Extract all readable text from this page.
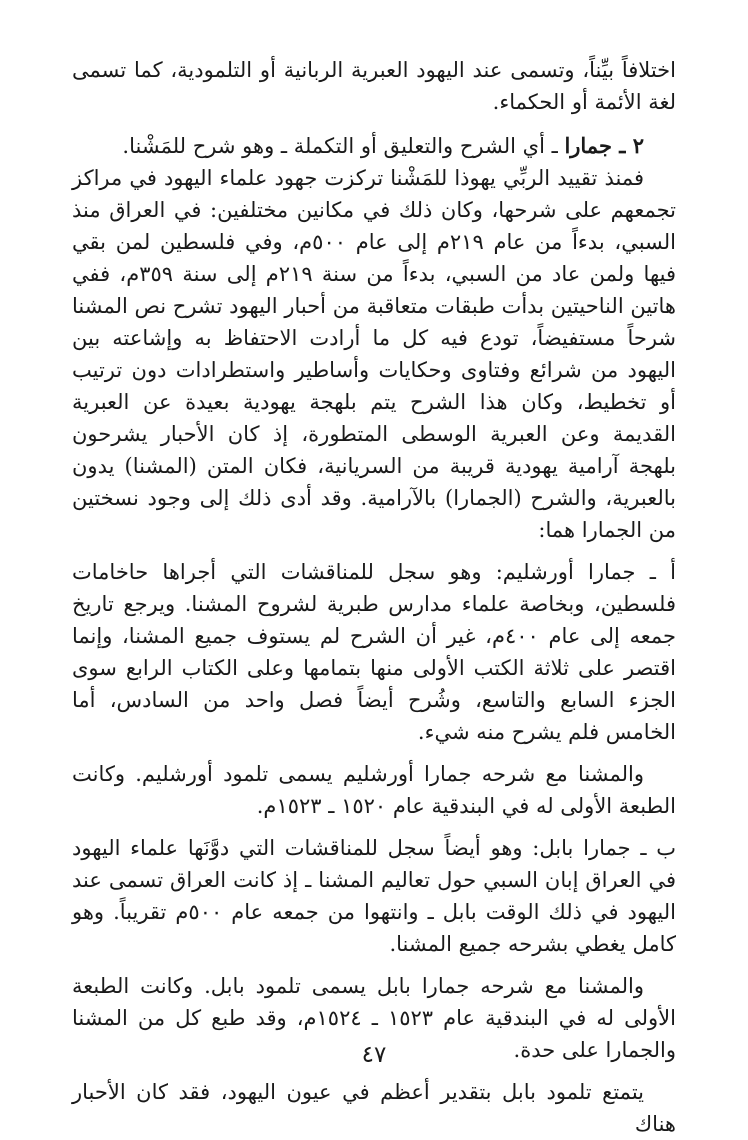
اختلافاً بيِّناً، وتسمى عند اليهود العبرية الربانية أو التلمودية، كما تسمى لغة الأئمة أو الحكماء.

٢ ـ جمارا ـ أي الشرح والتعليق أو التكملة ـ وهو شرح للمَشْنا.

فمنذ تقييد الربِّي يهوذا للمَشْنا تركزت جهود علماء اليهود في مراكز تجمعهم على شرحها، وكان ذلك في مكانين مختلفين: في العراق منذ السبي، بدءاً من عام ٢١٩م إلى عام ٥٠٠م، وفي فلسطين لمن بقي فيها ولمن عاد من السبي، بدءاً من سنة ٢١٩م إلى سنة ٣٥٩م، ففي هاتين الناحيتين بدأت طبقات متعاقبة من أحبار اليهود تشرح نص المشنا شرحاً مستفيضاً، تودع فيه كل ما أرادت الاحتفاظ به وإشاعته بين اليهود من شرائع وفتاوى وحكايات وأساطير واستطرادات دون ترتيب أو تخطيط، وكان هذا الشرح يتم بلهجة يهودية بعيدة عن العبرية القديمة وعن العبرية الوسطى المتطورة، إذ كان الأحبار يشرحون بلهجة آرامية يهودية قريبة من السريانية، فكان المتن (المشنا) يدون بالعبرية، والشرح (الجمارا) بالآرامية. وقد أدى ذلك إلى وجود نسختين من الجمارا هما:

أ ـ جمارا أورشليم: وهو سجل للمناقشات التي أجراها حاخامات فلسطين، وبخاصة علماء مدارس طبرية لشروح المشنا. ويرجع تاريخ جمعه إلى عام ٤٠٠م، غير أن الشرح لم يستوف جميع المشنا، وإنما اقتصر على ثلاثة الكتب الأولى منها بتمامها وعلى الكتاب الرابع سوى الجزء السابع والتاسع، وشُرح أيضاً فصل واحد من السادس، أما الخامس فلم يشرح منه شيء.

والمشنا مع شرحه جمارا أورشليم يسمى تلمود أورشليم. وكانت الطبعة الأولى له في البندقية عام ١٥٢٠ ـ ١٥٢٣م.

ب ـ جمارا بابل: وهو أيضاً سجل للمناقشات التي دوَّنَها علماء اليهود في العراق إبان السبي حول تعاليم المشنا ـ إذ كانت العراق تسمى عند اليهود في ذلك الوقت بابل ـ وانتهوا من جمعه عام ٥٠٠م تقريباً. وهو كامل يغطي بشرحه جميع المشنا.

والمشنا مع شرحه جمارا بابل يسمى تلمود بابل. وكانت الطبعة الأولى له في البندقية عام ١٥٢٣ ـ ١٥٢٤م، وقد طبع كل من المشنا والجمارا على حدة.

يتمتع تلمود بابل بتقدير أعظم في عيون اليهود، فقد كان الأحبار هناك

٤٧
